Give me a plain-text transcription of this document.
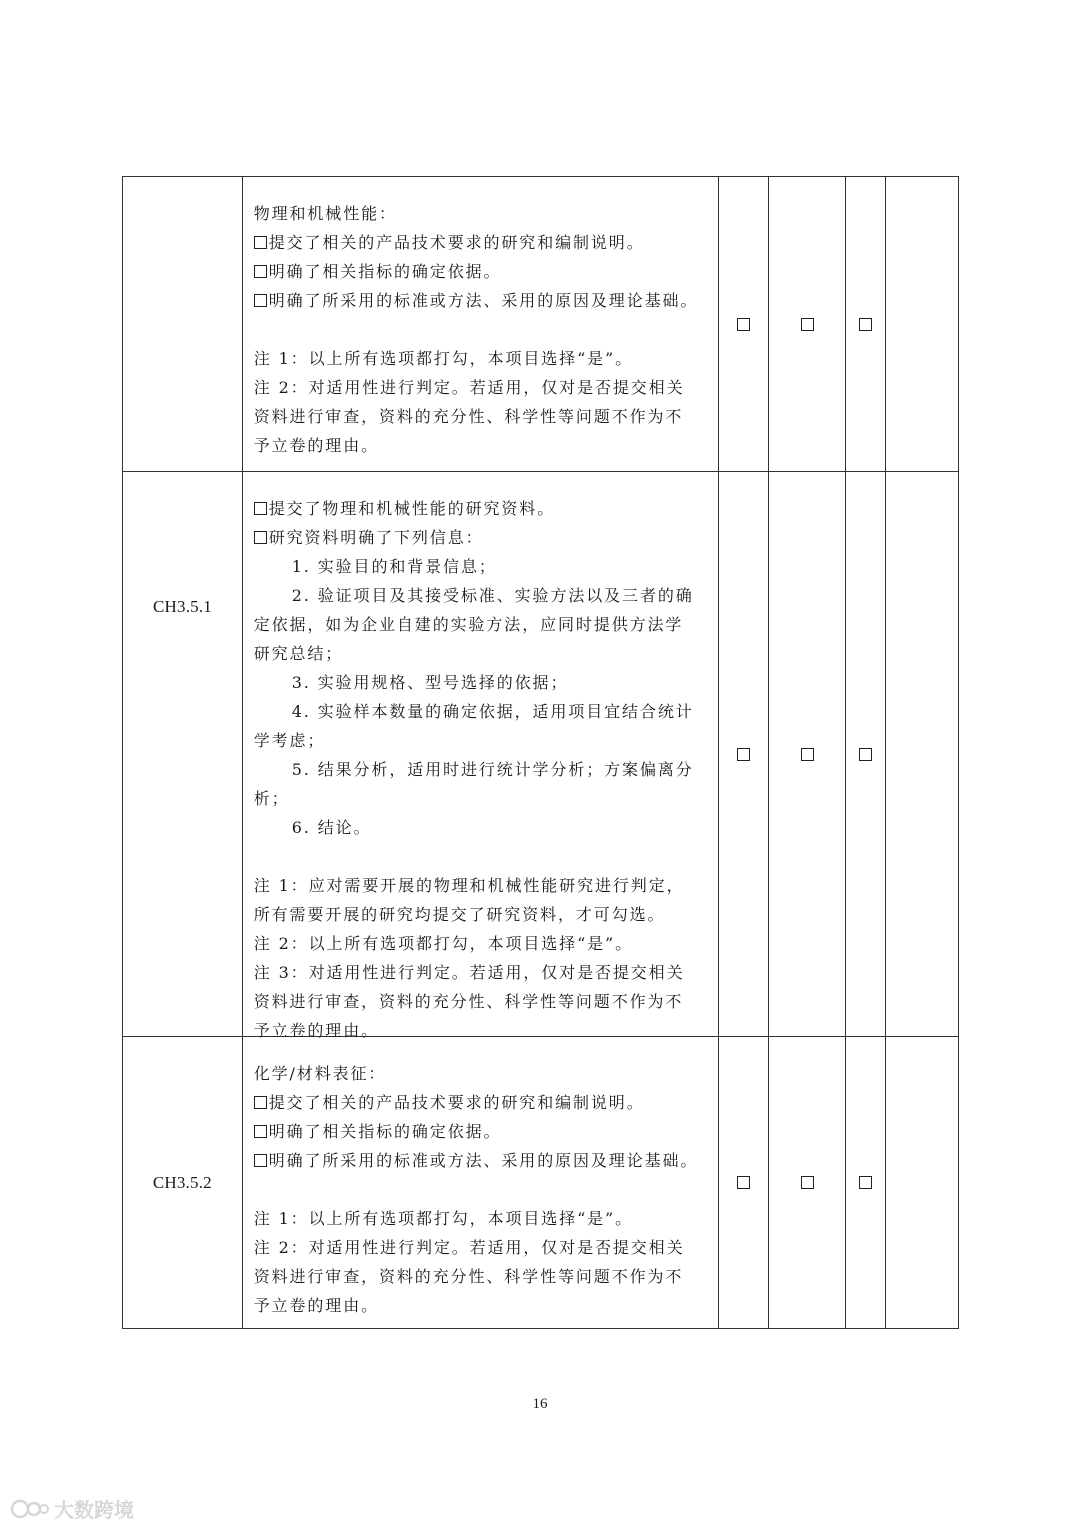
物理和机械性能：
提交了相关的产品技术要求的研究和编制说明。
明确了相关指标的确定依据。
明确了所采用的标准或方法、采用的原因及理论基础。
注 1：以上所有选项都打勾，本项目选择“是”。
注 2：对适用性进行判定。若适用，仅对是否提交相关
资料进行审查，资料的充分性、科学性等问题不作为不
予立卷的理由。
提交了物理和机械性能的研究资料。
研究资料明确了下列信息：
1. 实验目的和背景信息；
2. 验证项目及其接受标准、实验方法以及三者的确
定依据，如为企业自建的实验方法，应同时提供方法学
研究总结；
3. 实验用规格、型号选择的依据；
4. 实验样本数量的确定依据，适用项目宜结合统计
学考虑；
5. 结果分析，适用时进行统计学分析；方案偏离分
析；
6. 结论。
注 1：应对需要开展的物理和机械性能研究进行判定，
所有需要开展的研究均提交了研究资料，才可勾选。
注 2：以上所有选项都打勾，本项目选择“是”。
注 3：对适用性进行判定。若适用，仅对是否提交相关
资料进行审查，资料的充分性、科学性等问题不作为不
予立卷的理由。
CH3.5.2
化学/材料表征：
提交了相关的产品技术要求的研究和编制说明。
明确了相关指标的确定依据。
明确了所采用的标准或方法、采用的原因及理论基础。
注 1：以上所有选项都打勾，本项目选择“是”。
注 2：对适用性进行判定。若适用，仅对是否提交相关
资料进行审查，资料的充分性、科学性等问题不作为不
予立卷的理由。
CH3.5.1
16
大数跨境
